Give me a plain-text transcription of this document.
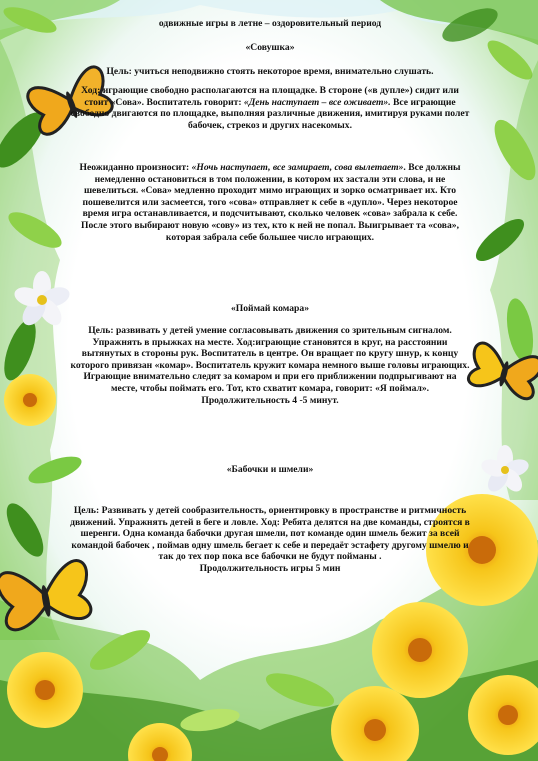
одвижные игры в летне – оздоровительный период

«Совушка»

Цель: учиться неподвижно стоять некоторое время, внимательно слушать.

Ход: играющие свободно располагаются на площадке. В стороне («в дупле») сидит или стоит «Сова». Воспитатель говорит: «День наступает – все оживает». Все играющие свободно двигаются по площадке, выполняя различные движения, имитируя руками полет бабочек, стрекоз и других насекомых.

Неожиданно произносит: «Ночь наступает, все замирает, сова вылетает». Все должны немедленно остановиться в том положении, в котором их застали эти слова, и не шевелиться. «Сова» медленно проходит мимо играющих и зорко осматривает их. Кто пошевелится или засмеется, того «сова» отправляет к себе в «дупло». Через некоторое время игра останавливается, и подсчитывают, сколько человек «сова» забрала к себе. После этого выбирают новую «сову» из тех, кто к ней не попал. Выигрывает та «сова», которая забрала себе большее число играющих.

«Поймай комара»

Цель: развивать у детей умение согласовывать движения со зрительным сигналом. Упражнять в прыжках на месте. Ход:играющие становятся в круг, на расстоянии вытянутых в стороны рук. Воспитатель в центре. Он вращает по кругу шнур, к концу которого привязан «комар». Воспитатель кружит комара немного выше головы играющих. Играющие внимательно следят за комаром и при его приближении подпрыгивают на месте, чтобы поймать его. Тот, кто схватит комара, говорит: «Я поймал». Продолжительность 4 -5 минут.

«Бабочки и шмели»

Цель: Развивать у детей сообразительность, ориентировку в пространстве и ритмичность движений. Упражнять детей в беге и ловле. Ход: Ребята делятся на две команды, строятся в шеренги. Одна команда бабочки другая шмели, пот команде один шмель бежит за всей командой бабочек , поймав одну шмель бегает к себе и передаёт эстафету другому шмелю и так до тех пор пока все бабочки не будут пойманы .

Продолжительность игры 5 мин
